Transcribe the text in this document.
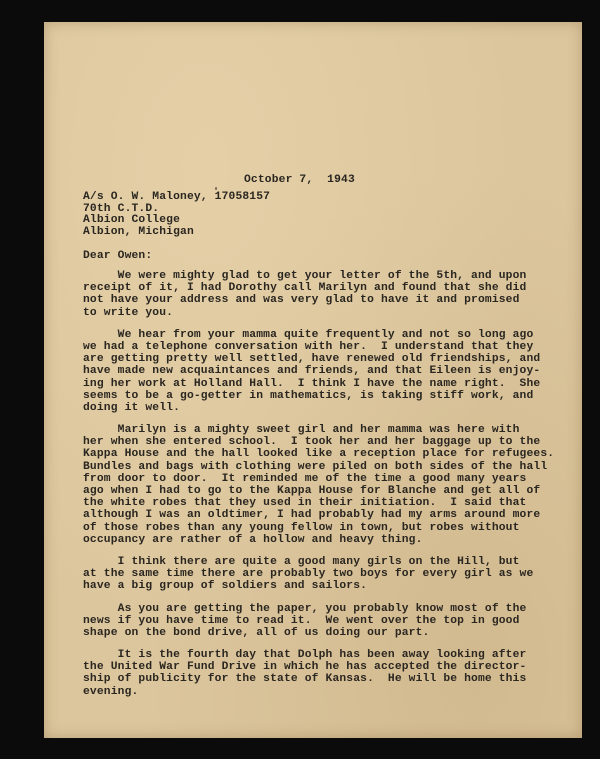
October 7,  1943
A/s O. W. Maloney, 17058157
70th C.T.D.
Albion College
Albion, Michigan
Dear Owen:
We were mighty glad to get your letter of the 5th, and upon
receipt of it, I had Dorothy call Marilyn and found that she did
not have your address and was very glad to have it and promised
to write you.
We hear from your mamma quite frequently and not so long ago
we had a telephone conversation with her.  I understand that they
are getting pretty well settled, have renewed old friendships, and
have made new acquaintances and friends, and that Eileen is enjoy-
ing her work at Holland Hall.  I think I have the name right.  She
seems to be a go-getter in mathematics, is taking stiff work, and
doing it well.
Marilyn is a mighty sweet girl and her mamma was here with
her when she entered school.  I took her and her baggage up to the
Kappa House and the hall looked like a reception place for refugees.
Bundles and bags with clothing were piled on both sides of the hall
from door to door.  It reminded me of the time a good many years
ago when I had to go to the Kappa House for Blanche and get all of
the white robes that they used in their initiation.  I said that
although I was an oldtimer, I had probably had my arms around more
of those robes than any young fellow in town, but robes without
occupancy are rather of a hollow and heavy thing.
I think there are quite a good many girls on the Hill, but
at the same time there are probably two boys for every girl as we
have a big group of soldiers and sailors.
As you are getting the paper, you probably know most of the
news if you have time to read it.  We went over the top in good
shape on the bond drive, all of us doing our part.
It is the fourth day that Dolph has been away looking after
the United War Fund Drive in which he has accepted the director-
ship of publicity for the state of Kansas.  He will be home this
evening.
